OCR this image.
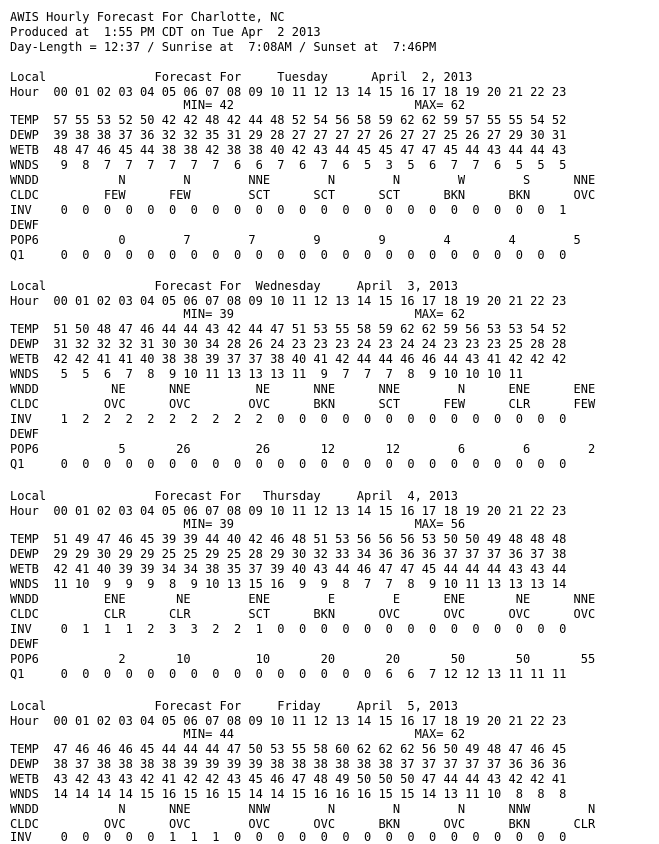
AWIS Hourly Forecast For Charlotte, NC
Produced at  1:55 PM CDT on Tue Apr  2 2013
Day-Length = 12:37 / Sunrise at  7:08AM / Sunset at  7:46PM
Local               Forecast For     Tuesday      April  2, 2013
Hour  00 01 02 03 04 05 06 07 08 09 10 11 12 13 14 15 16 17 18 19 20 21 22 23
MIN= 42                         MAX= 62
TEMP  57 55 53 52 50 42 42 48 42 44 48 52 54 56 58 59 62 62 59 57 55 55 54 52
DEWP  39 38 38 37 36 32 32 35 31 29 28 27 27 27 27 26 27 27 25 26 27 29 30 31
WETB  48 47 46 45 44 38 38 42 38 38 40 42 43 44 45 45 47 47 45 44 43 44 44 43
WNDS   9  8  7  7  7  7  7  7  6  6  7  6  7  6  5  3  5  6  7  7  6  5  5  5
WNDD           N        N        NNE        N        N        W        S      NNE
CLDC         FEW      FEW        SCT      SCT      SCT      BKN      BKN      OVC
INV    0  0  0  0  0  0  0  0  0  0  0  0  0  0  0  0  0  0  0  0  0  0  0  1
DEWF
POP6           0        7        7        9        9        4        4        5
Q1     0  0  0  0  0  0  0  0  0  0  0  0  0  0  0  0  0  0  0  0  0  0  0  0
Local               Forecast For  Wednesday     April  3, 2013
Hour  00 01 02 03 04 05 06 07 08 09 10 11 12 13 14 15 16 17 18 19 20 21 22 23
MIN= 39                         MAX= 62
TEMP  51 50 48 47 46 44 44 43 42 44 47 51 53 55 58 59 62 62 59 56 53 53 54 52
DEWP  31 32 32 32 31 30 30 34 28 26 24 23 23 23 24 23 24 24 23 23 23 25 28 28
WETB  42 42 41 41 40 38 38 39 37 37 38 40 41 42 44 44 46 46 44 43 41 42 42 42
WNDS   5  5  6  7  8  9 10 11 13 13 13 11  9  7  7  7  8  9 10 10 10 11
WNDD          NE      NNE         NE      NNE      NNE        N      ENE      ENE
CLDC         OVC      OVC        OVC      BKN      SCT      FEW      CLR      FEW
INV    1  2  2  2  2  2  2  2  2  2  0  0  0  0  0  0  0  0  0  0  0  0  0  0
DEWF
POP6           5       26         26       12       12        6        6        2
Q1     0  0  0  0  0  0  0  0  0  0  0  0  0  0  0  0  0  0  0  0  0  0  0  0
Local               Forecast For   Thursday     April  4, 2013
Hour  00 01 02 03 04 05 06 07 08 09 10 11 12 13 14 15 16 17 18 19 20 21 22 23
MIN= 39                         MAX= 56
TEMP  51 49 47 46 45 39 39 44 40 42 46 48 51 53 56 56 56 53 50 50 49 48 48 48
DEWP  29 29 30 29 29 25 25 29 25 28 29 30 32 33 34 36 36 36 37 37 37 36 37 38
WETB  42 41 40 39 39 34 34 38 35 37 39 40 43 44 46 47 47 45 44 44 44 43 43 44
WNDS  11 10  9  9  9  8  9 10 13 15 16  9  9  8  7  7  8  9 10 11 13 13 13 14
WNDD         ENE       NE        ENE        E        E      ENE       NE      NNE
CLDC         CLR      CLR        SCT      BKN      OVC      OVC      OVC      OVC
INV    0  1  1  1  2  3  3  2  2  1  0  0  0  0  0  0  0  0  0  0  0  0  0  0
DEWF
POP6           2       10         10       20       20       50       50       55
Q1     0  0  0  0  0  0  0  0  0  0  0  0  0  0  0  6  6  7 12 12 13 11 11 11
Local               Forecast For     Friday     April  5, 2013
Hour  00 01 02 03 04 05 06 07 08 09 10 11 12 13 14 15 16 17 18 19 20 21 22 23
MIN= 44                         MAX= 62
TEMP  47 46 46 46 45 44 44 44 47 50 53 55 58 60 62 62 62 56 50 49 48 47 46 45
DEWP  38 37 38 38 38 38 39 39 39 39 38 38 38 38 38 38 37 37 37 37 37 36 36 36
WETB  43 42 43 43 42 41 42 42 43 45 46 47 48 49 50 50 50 47 44 44 43 42 42 41
WNDS  14 14 14 14 15 16 15 16 15 14 14 15 16 16 16 15 15 14 13 11 10  8  8  8
WNDD           N      NNE        NNW        N        N        N      NNW        N
CLDC         OVC      OVC        OVC      OVC      BKN      OVC      BKN      CLR
INV    0  0  0  0  0  1  1  1  0  0  0  0  0  0  0  0  0  0  0  0  0  0  0  0
